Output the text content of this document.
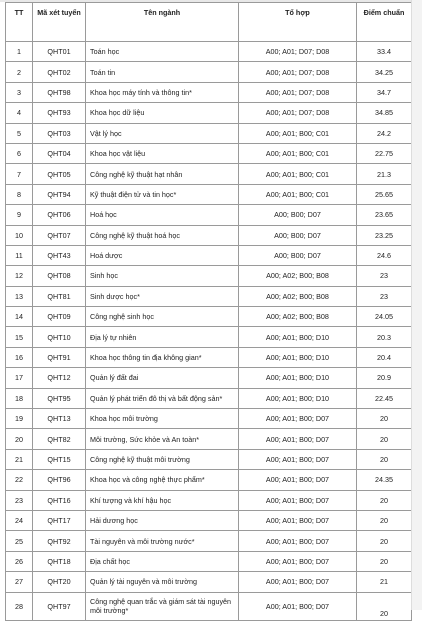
TT	Mã xét tuyển	Tên ngành	Tổ hợp	Điểm chuẩn
1	QHT01	Toán học	A00; A01; D07; D08	33.4
2	QHT02	Toán tin	A00; A01; D07; D08	34.25
3	QHT98	Khoa học máy tính và thông tin*	A00; A01; D07; D08	34.7
4	QHT93	Khoa học dữ liệu	A00; A01; D07; D08	34.85
5	QHT03	Vật lý học	A00; A01; B00; C01	24.2
6	QHT04	Khoa học vật liệu	A00; A01; B00; C01	22.75
7	QHT05	Công nghệ kỹ thuật hạt nhân	A00; A01; B00; C01	21.3
8	QHT94	Kỹ thuật điện tử và tin học*	A00; A01; B00; C01	25.65
9	QHT06	Hoá học	A00; B00; D07	23.65
10	QHT07	Công nghệ kỹ thuật hoá học	A00; B00; D07	23.25
11	QHT43	Hoá dược	A00; B00; D07	24.6
12	QHT08	Sinh học	A00; A02; B00; B08	23
13	QHT81	Sinh dược học*	A00; A02; B00; B08	23
14	QHT09	Công nghệ sinh học	A00; A02; B00; B08	24.05
15	QHT10	Địa lý tự nhiên	A00; A01; B00; D10	20.3
16	QHT91	Khoa học thông tin địa không gian*	A00; A01; B00; D10	20.4
17	QHT12	Quản lý đất đai	A00; A01; B00; D10	20.9
18	QHT95	Quản lý phát triển đô thị và bất động sản*	A00; A01; B00; D10	22.45
19	QHT13	Khoa học môi trường	A00; A01; B00; D07	20
20	QHT82	Môi trường, Sức khỏe và An toàn*	A00; A01; B00; D07	20
21	QHT15	Công nghệ kỹ thuật môi trường	A00; A01; B00; D07	20
22	QHT96	Khoa học và công nghệ thực phẩm*	A00; A01; B00; D07	24.35
23	QHT16	Khí tượng và khí hậu học	A00; A01; B00; D07	20
24	QHT17	Hải dương học	A00; A01; B00; D07	20
25	QHT92	Tài nguyên và môi trường nước*	A00; A01; B00; D07	20
26	QHT18	Địa chất học	A00; A01; B00; D07	20
27	QHT20	Quản lý tài nguyên và môi trường	A00; A01; B00; D07	21
28	QHT97	Công nghệ quan trắc và giám sát tài nguyên môi trường*	A00; A01; B00; D07	20
